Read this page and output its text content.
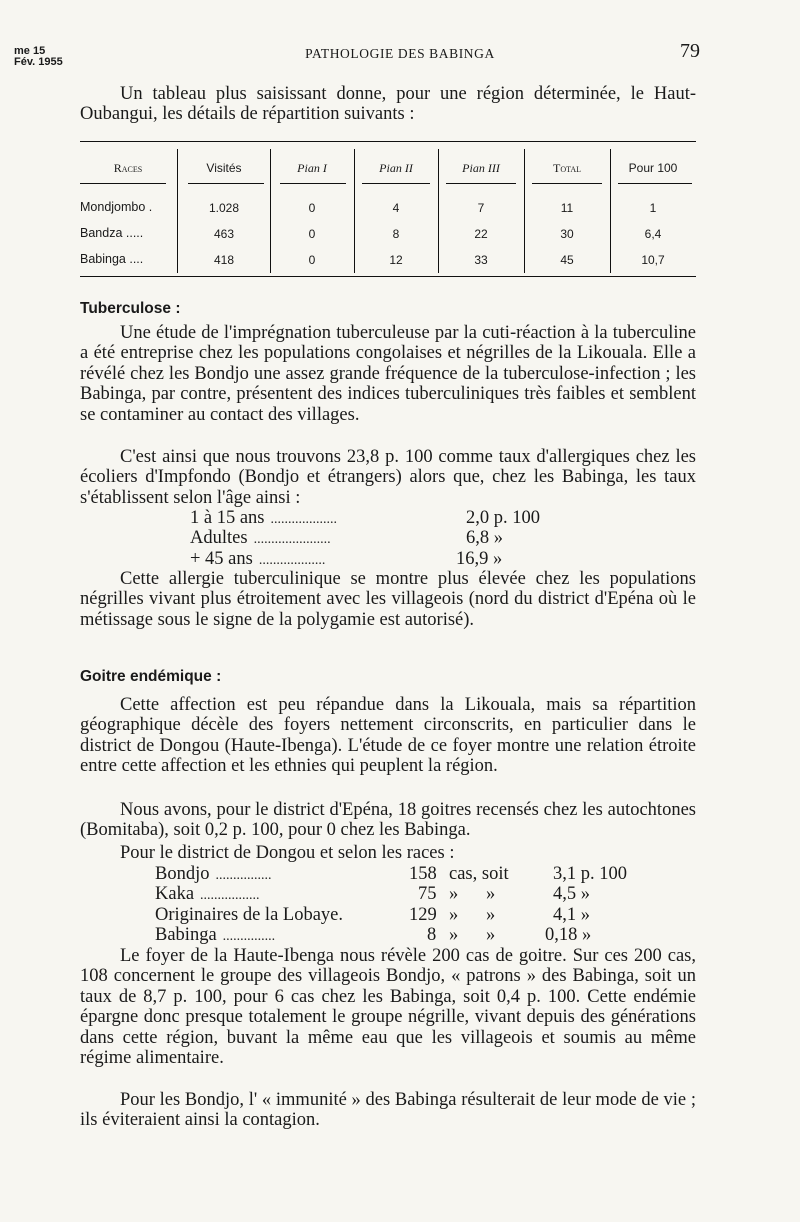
me 15
Fév. 1955
PATHOLOGIE DES BABINGA	79

Un tableau plus saisissant donne, pour une région déterminée, le Haut-Oubangui, les détails de répartition suivants :

Races	Visités	Pian I	Pian II	Pian III	Total	Pour 100
Mondjombo .	1.028	0	4	7	11	1
Bandza .....	463	0	8	22	30	6,4
Babinga ....	418	0	12	33	45	10,7
Tuberculose :

Une étude de l'imprégnation tuberculeuse par la cuti-réaction à la tuberculine a été entreprise chez les populations congolaises et négrilles de la Likouala. Elle a révélé chez les Bondjo une assez grande fréquence de la tuberculose-infection ; les Babinga, par contre, présentent des indices tuberculiniques très faibles et semblent se contaminer au contact des villages.

C'est ainsi que nous trouvons 23,8 p. 100 comme taux d'allergiques chez les écoliers d'Impfondo (Bondjo et étrangers) alors que, chez les Babinga, les taux s'établissent selon l'âge ainsi :

1 à 15 ans ...................	2,0 p. 100
Adultes ......................	6,8 »
+ 45 ans ...................	16,9 »

Cette allergie tuberculinique se montre plus élevée chez les populations négrilles vivant plus étroitement avec les villageois (nord du district d'Epéna où le métissage sous le signe de la polygamie est autorisé).

Goitre endémique :

Cette affection est peu répandue dans la Likouala, mais sa répartition géographique décèle des foyers nettement circonscrits, en particulier dans le district de Dongou (Haute-Ibenga). L'étude de ce foyer montre une relation étroite entre cette affection et les ethnies qui peuplent la région.

Nous avons, pour le district d'Epéna, 18 goitres recensés chez les autochtones (Bomitaba), soit 0,2 p. 100, pour 0 chez les Babinga.

Pour le district de Dongou et selon les races :

Bondjo ................	158 cas, soit 3,1 p. 100
Kaka .................	75 »      »	4,5 »
Originaires de la Lobaye.	129 »      »	4,1 »
Babinga ...............	8 »      »	0,18 »

Le foyer de la Haute-Ibenga nous révèle 200 cas de goitre. Sur ces 200 cas, 108 concernent le groupe des villageois Bondjo, « patrons » des Babinga, soit un taux de 8,7 p. 100, pour 6 cas chez les Babinga, soit 0,4 p. 100. Cette endémie épargne donc presque totalement le groupe négrille, vivant depuis des générations dans cette région, buvant la même eau que les villageois et soumis au même régime alimentaire.

Pour les Bondjo, l' « immunité » des Babinga résulterait de leur mode de vie ; ils éviteraient ainsi la contagion.
